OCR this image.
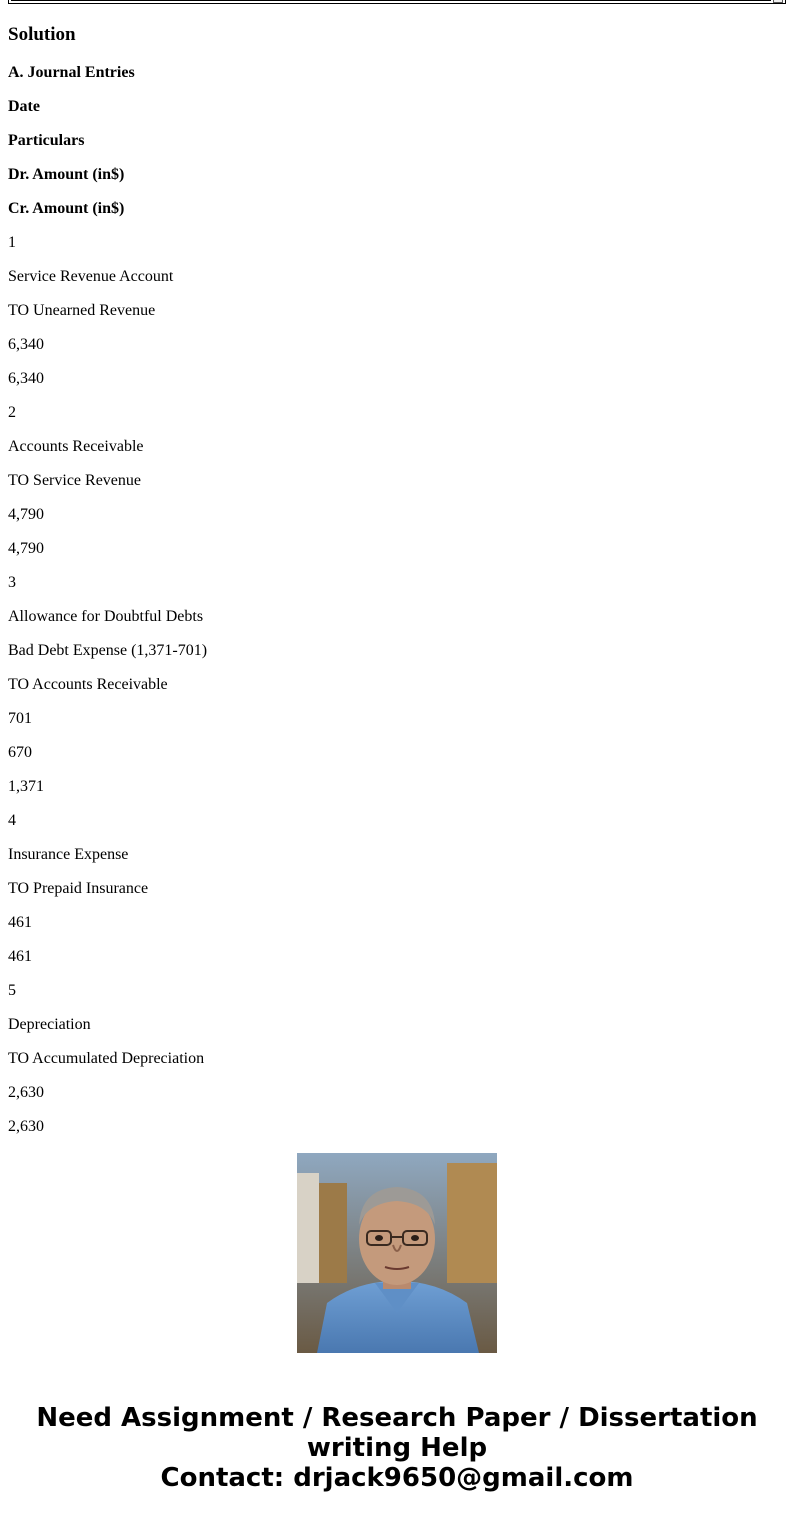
Solution

A. Journal Entries

Date

Particulars

Dr. Amount (in$)

Cr. Amount (in$)

1

Service Revenue Account

TO Unearned Revenue

6,340

6,340

2

Accounts Receivable

TO Service Revenue

4,790

4,790

3

Allowance for Doubtful Debts

Bad Debt Expense (1,371-701)

TO Accounts Receivable

701

670

1,371

4

Insurance Expense

TO Prepaid Insurance

461

461

5

Depreciation

TO Accumulated Depreciation

2,630

2,630

Need Assignment / Research Paper / Dissertation
writing Help
Contact: drjack9650@gmail.com
